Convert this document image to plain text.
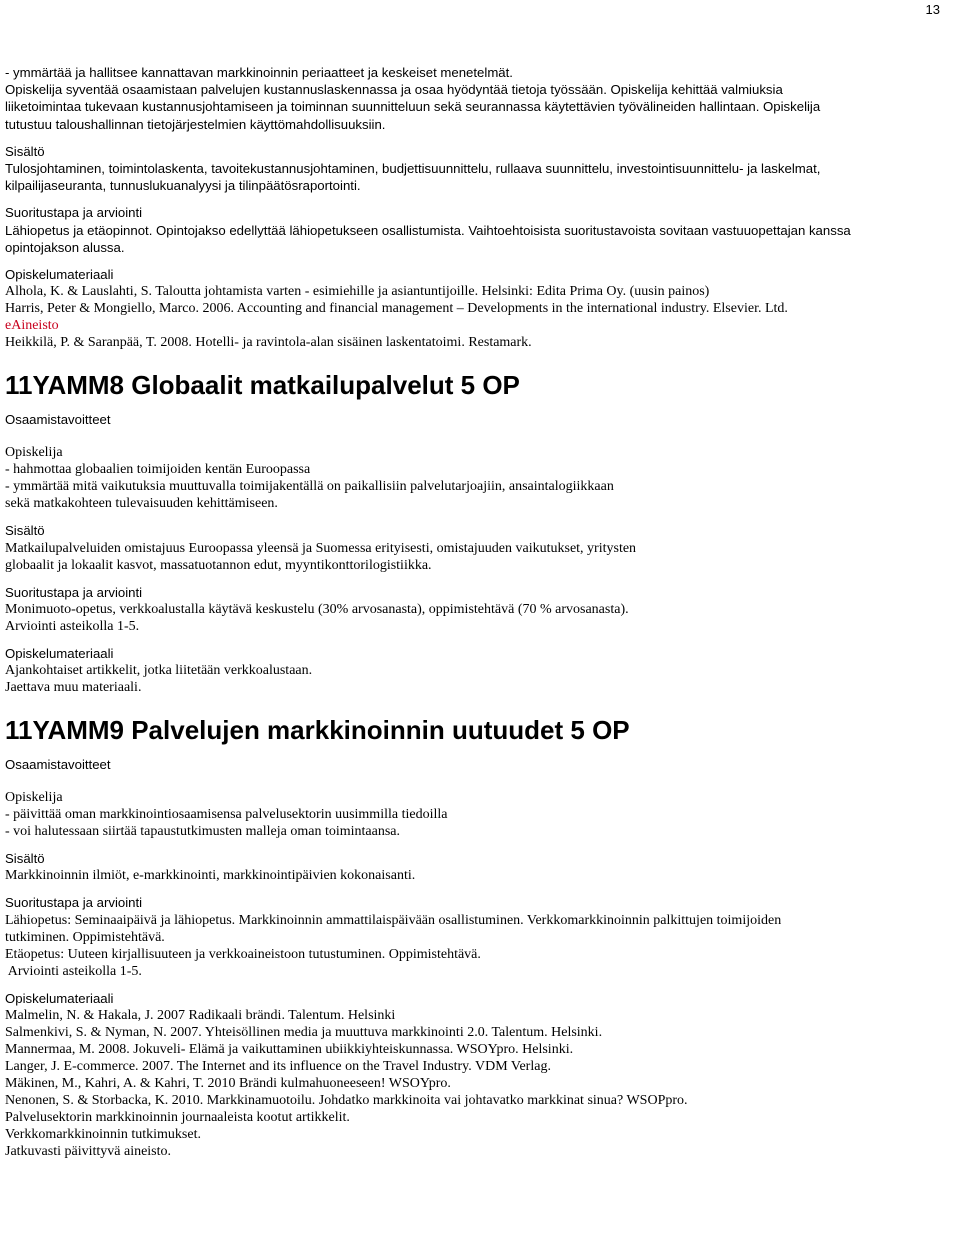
13

- ymmärtää ja hallitsee kannattavan markkinoinnin periaatteet ja keskeiset menetelmät.

Opiskelija syventää osaamistaan palvelujen kustannuslaskennassa ja osaa hyödyntää tietoja työssään. Opiskelija kehittää valmiuksia

liiketoimintaa tukevaan kustannusjohtamiseen ja toiminnan suunnitteluun sekä seurannassa käytettävien työvälineiden hallintaan. Opiskelija

tutustuu taloushallinnan tietojärjestelmien käyttömahdollisuuksiin.

Sisältö

Tulosjohtaminen, toimintolaskenta, tavoitekustannusjohtaminen, budjettisuunnittelu, rullaava suunnittelu, investointisuunnittelu- ja laskelmat,

kilpailijaseuranta, tunnuslukuanalyysi ja tilinpäätösraportointi.

Suoritustapa ja arviointi

Lähiopetus ja etäopinnot. Opintojakso edellyttää lähiopetukseen osallistumista. Vaihtoehtoisista suoritustavoista sovitaan vastuuopettajan kanssa

opintojakson alussa.

Opiskelumateriaali

Alhola, K. & Lauslahti, S. Taloutta johtamista varten - esimiehille ja asiantuntijoille. Helsinki: Edita Prima Oy. (uusin painos)

Harris, Peter & Mongiello, Marco. 2006. Accounting and financial management – Developments in the international industry. Elsevier. Ltd.

eAineisto

Heikkilä, P. & Saranpää, T. 2008. Hotelli- ja ravintola-alan sisäinen laskentatoimi. Restamark.

11YAMM8 Globaalit matkailupalvelut 5 OP

Osaamistavoitteet

Opiskelija

- hahmottaa globaalien toimijoiden kentän Euroopassa

- ymmärtää mitä vaikutuksia muuttuvalla toimijakentällä on paikallisiin palvelutarjoajiin, ansaintalogiikkaan

sekä matkakohteen tulevaisuuden kehittämiseen.

Sisältö

Matkailupalveluiden omistajuus Euroopassa yleensä ja Suomessa erityisesti, omistajuuden vaikutukset, yritysten

globaalit ja lokaalit kasvot, massatuotannon edut, myyntikonttorilogistiikka.

Suoritustapa ja arviointi

Monimuoto-opetus, verkkoalustalla käytävä keskustelu (30% arvosanasta), oppimistehtävä (70 % arvosanasta).

Arviointi asteikolla 1-5.

Opiskelumateriaali

Ajankohtaiset artikkelit, jotka liitetään verkkoalustaan.

Jaettava muu materiaali.

11YAMM9 Palvelujen markkinoinnin uutuudet 5 OP

Osaamistavoitteet

Opiskelija

- päivittää oman markkinointiosaamisensa palvelusektorin uusimmilla tiedoilla

- voi halutessaan siirtää tapaustutkimusten malleja oman toimintaansa.

Sisältö

Markkinoinnin ilmiöt, e-markkinointi, markkinointipäivien kokonaisanti.

Suoritustapa ja arviointi

Lähiopetus: Seminaaipäivä ja lähiopetus. Markkinoinnin ammattilaispäivään osallistuminen. Verkkomarkkinoinnin palkittujen toimijoiden

tutkiminen. Oppimistehtävä.

Etäopetus: Uuteen kirjallisuuteen ja verkkoaineistoon tutustuminen. Oppimistehtävä.

Arviointi asteikolla 1-5.

Opiskelumateriaali

Malmelin, N. & Hakala, J. 2007 Radikaali brändi. Talentum. Helsinki

Salmenkivi, S. & Nyman, N. 2007. Yhteisöllinen media ja muuttuva markkinointi 2.0. Talentum. Helsinki.

Mannermaa, M. 2008. Jokuveli- Elämä ja vaikuttaminen ubiikkiyhteiskunnassa. WSOYpro. Helsinki.

Langer, J. E-commerce. 2007. The Internet and its influence on the Travel Industry. VDM Verlag.

Mäkinen, M., Kahri, A. & Kahri, T. 2010 Brändi kulmahuoneeseen! WSOYpro.

Nenonen, S. & Storbacka, K. 2010. Markkinamuotoilu. Johdatko markkinoita vai johtavatko markkinat sinua? WSOPpro.

Palvelusektorin markkinoinnin journaaleista kootut artikkelit.

Verkkomarkkinoinnin tutkimukset.

Jatkuvasti päivittyvä aineisto.
